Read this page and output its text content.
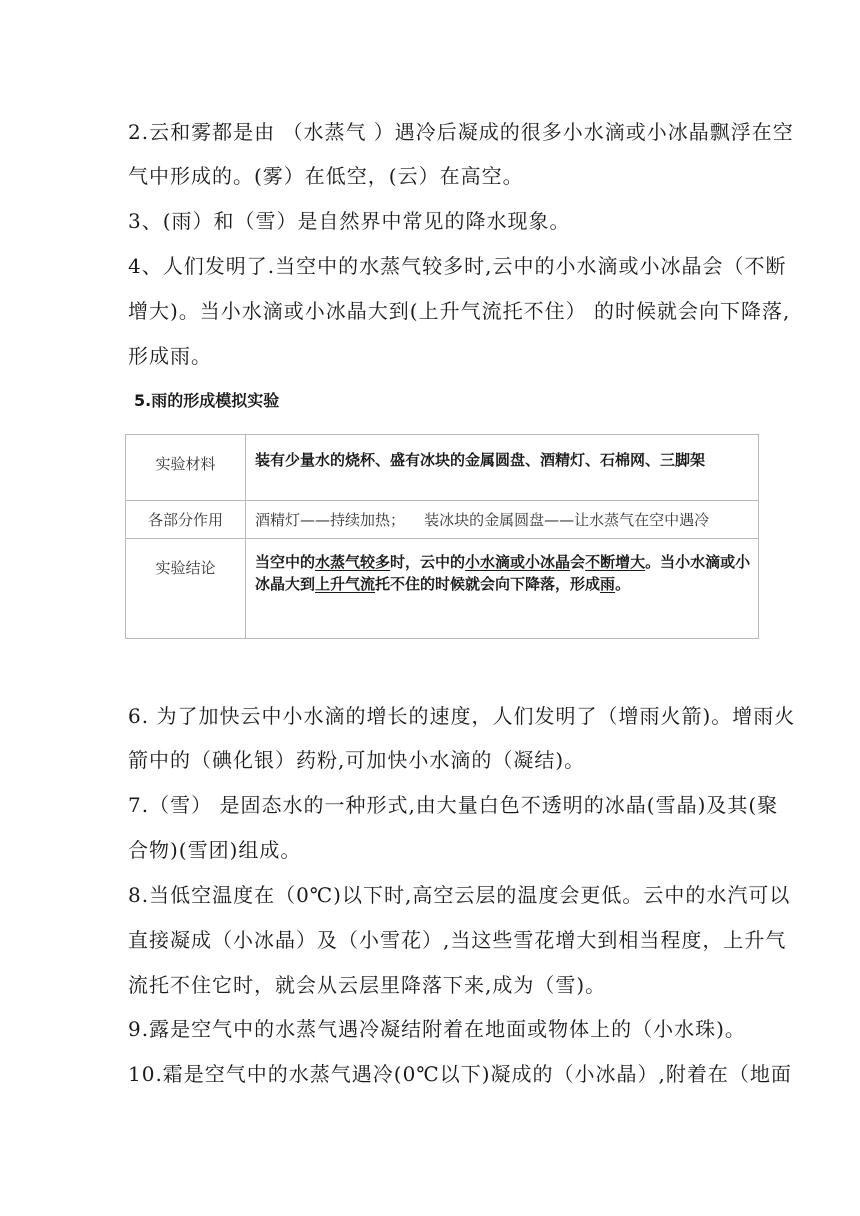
2.云和雾都是由 （水蒸气 ）遇冷后凝成的很多小水滴或小冰晶飘浮在空
气中形成的。(雾）在低空，(云）在高空。
3、(雨）和（雪）是自然界中常见的降水现象。
4、人们发明了.当空中的水蒸气较多时,云中的小水滴或小冰晶会（不断
增大)。当小水滴或小冰晶大到(上升气流托不住） 的时候就会向下降落,
形成雨。
5.雨的形成模拟实验
实验材料	装有少量水的烧杯、盛有冰块的金属圆盘、酒精灯、石棉网、三脚架
各部分作用	酒精灯——持续加热；    装冰块的金属圆盘——让水蒸气在空中遇冷
实验结论	当空中的水蒸气较多时，云中的小水滴或小冰晶会不断增大。当小水滴或小冰晶大到上升气流托不住的时候就会向下降落，形成雨。
6. 为了加快云中小水滴的增长的速度，人们发明了（增雨火箭)。增雨火
箭中的（碘化银）药粉,可加快小水滴的（凝结)。
7.（雪） 是固态水的一种形式,由大量白色不透明的冰晶(雪晶)及其(聚
合物)(雪团)组成。
8.当低空温度在（0℃)以下时,高空云层的温度会更低。云中的水汽可以
直接凝成（小冰晶）及（小雪花）,当这些雪花增大到相当程度，上升气
流托不住它时，就会从云层里降落下来,成为（雪)。
9.露是空气中的水蒸气遇冷凝结附着在地面或物体上的（小水珠)。
10.霜是空气中的水蒸气遇冷(0℃以下)凝成的（小冰晶）,附着在（地面
